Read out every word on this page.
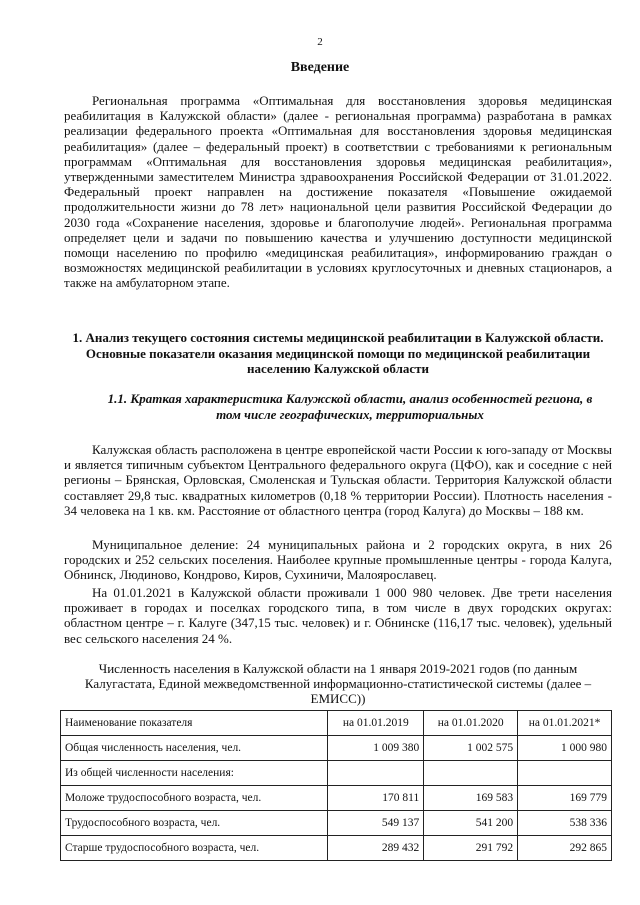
2
Введение

Региональная программа «Оптимальная для восстановления здоровья медицинская реабилитация в Калужской области» (далее - региональная программа) разработана в рамках реализации федерального проекта «Оптимальная для восстановления здоровья медицинская реабилитация» (далее – федеральный проект) в соответствии с требованиями к региональным программам «Оптимальная для восстановления здоровья медицинская реабилитация», утвержденными заместителем Министра здравоохранения Российской Федерации от 31.01.2022. Федеральный проект направлен на достижение показателя «Повышение ожидаемой продолжительности жизни до 78 лет» национальной цели развития Российской Федерации до 2030 года «Сохранение населения, здоровье и благополучие людей». Региональная программа определяет цели и задачи по повышению качества и улучшению доступности медицинской помощи населению по профилю «медицинская реабилитация», информированию граждан о возможностях медицинской реабилитации в условиях круглосуточных и дневных стационаров, а также на амбулаторном этапе.

1. Анализ текущего состояния системы медицинской реабилитации в Калужской области. Основные показатели оказания медицинской помощи по медицинской реабилитации населению Калужской области

1.1. Краткая характеристика Калужской области, анализ особенностей региона, в том числе географических, территориальных

Калужская область расположена в центре европейской части России к юго-западу от Москвы и является типичным субъектом Центрального федерального округа (ЦФО), как и соседние с ней регионы – Брянская, Орловская, Смоленская и Тульская области. Территория Калужской области составляет 29,8 тыс. квадратных километров (0,18 % территории России). Плотность населения - 34 человека на 1 кв. км. Расстояние от областного центра (город Калуга) до Москвы – 188 км.

Муниципальное деление: 24 муниципальных района и 2 городских округа, в них 26 городских и 252 сельских поселения. Наиболее крупные промышленные центры - города Калуга, Обнинск, Людиново, Кондрово, Киров, Сухиничи, Малоярославец.

На 01.01.2021 в Калужской области проживали 1 000 980 человек. Две трети населения проживает в городах и поселках городского типа, в том числе в двух городских округах: областном центре – г. Калуге (347,15 тыс. человек) и г. Обнинске (116,17 тыс. человек), удельный вес сельского населения 24 %.

Численность населения в Калужской области на 1 января 2019-2021 годов (по данным Калугастата, Единой межведомственной информационно-статистической системы (далее – ЕМИСС))

Наименование показателя	на 01.01.2019	на 01.01.2020	на 01.01.2021*
Общая численность населения, чел.	1 009 380	1 002 575	1 000 980
Из общей численности населения:			
Моложе трудоспособного возраста, чел.	170 811	169 583	169 779
Трудоспособного возраста, чел.	549 137	541 200	538 336
Старше трудоспособного возраста, чел.	289 432	291 792	292 865
